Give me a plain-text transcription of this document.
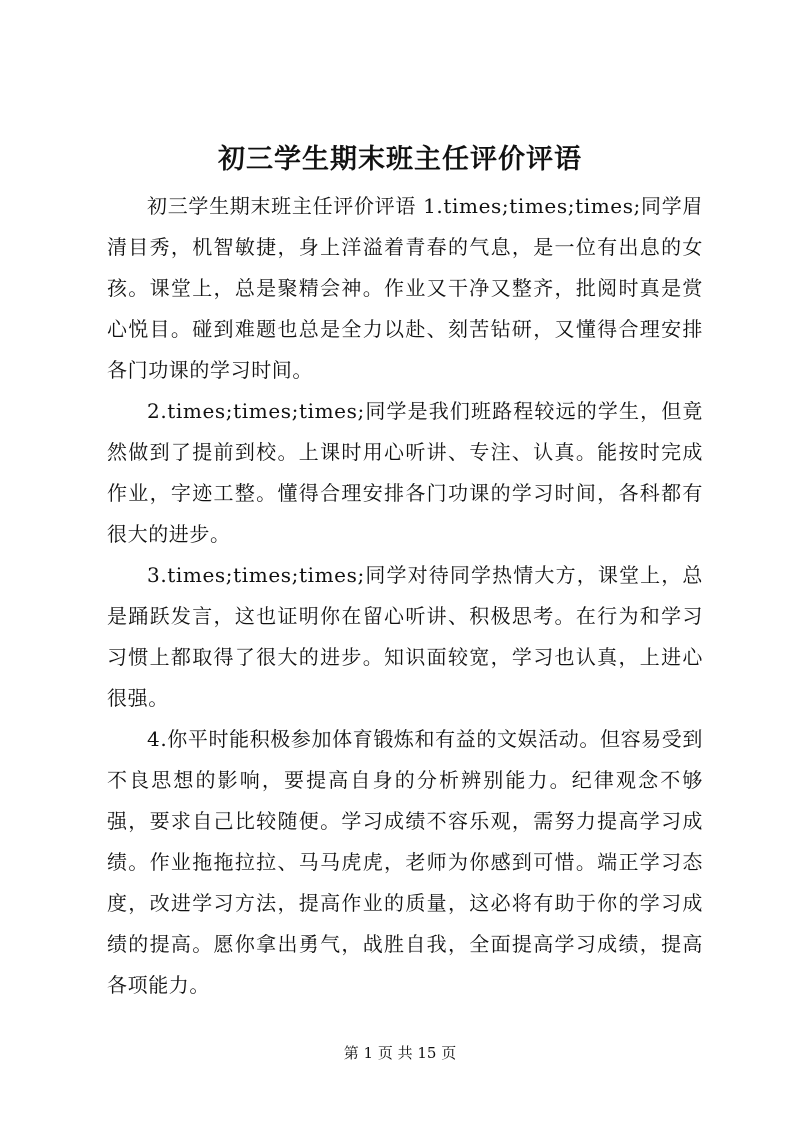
初三学生期末班主任评价评语

初三学生期末班主任评价评语 1.times;times;times;同学眉清目秀，机智敏捷，身上洋溢着青春的气息，是一位有出息的女孩。课堂上，总是聚精会神。作业又干净又整齐，批阅时真是赏心悦目。碰到难题也总是全力以赴、刻苦钻研，又懂得合理安排各门功课的学习时间。

2.times;times;times;同学是我们班路程较远的学生，但竟然做到了提前到校。上课时用心听讲、专注、认真。能按时完成作业，字迹工整。懂得合理安排各门功课的学习时间，各科都有很大的进步。

3.times;times;times;同学对待同学热情大方，课堂上，总是踊跃发言，这也证明你在留心听讲、积极思考。在行为和学习习惯上都取得了很大的进步。知识面较宽，学习也认真，上进心很强。

4.你平时能积极参加体育锻炼和有益的文娱活动。但容易受到不良思想的影响，要提高自身的分析辨别能力。纪律观念不够强，要求自己比较随便。学习成绩不容乐观，需努力提高学习成绩。作业拖拖拉拉、马马虎虎，老师为你感到可惜。端正学习态度，改进学习方法，提高作业的质量，这必将有助于你的学习成绩的提高。愿你拿出勇气，战胜自我，全面提高学习成绩，提高各项能力。

第 1 页 共 15 页
